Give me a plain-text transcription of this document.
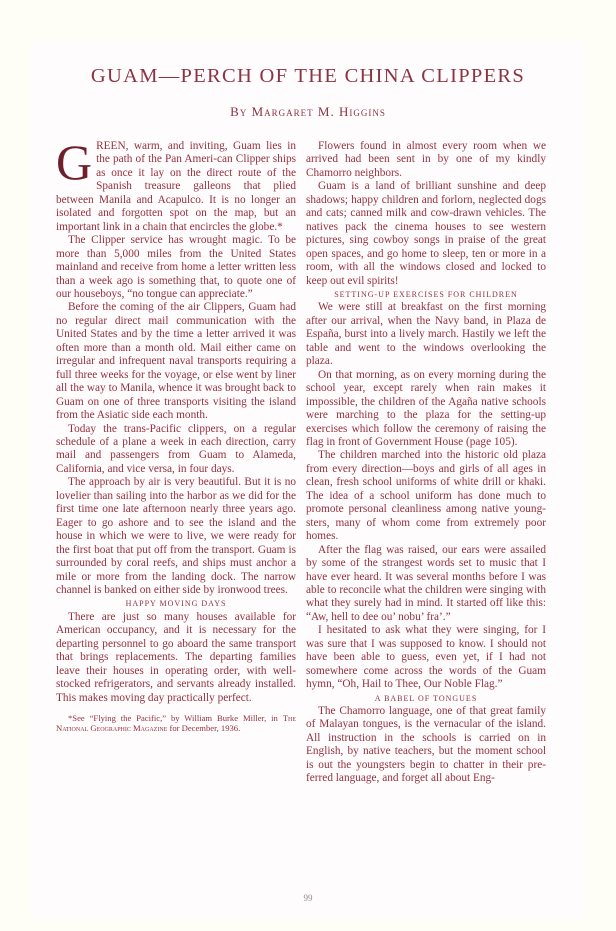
GUAM—PERCH OF THE CHINA CLIPPERS
By Margaret M. Higgins

GREEN, warm, and inviting, Guam lies in the path of the Pan Ameri-can Clipper ships as once it lay on the direct route of the Spanish treasure galleons that plied between Manila and Acapulco. It is no longer an isolated and forgotten spot on the map, but an important link in a chain that encircles the globe.*

The Clipper service has wrought magic. To be more than 5,000 miles from the United States mainland and receive from home a letter written less than a week ago is something that, to quote one of our houseboys, “no tongue can appreciate.”

Before the coming of the air Clippers, Guam had no regular direct mail communication with the United States and by the time a letter arrived it was often more than a month old. Mail either came on irregular and infrequent naval transports requiring a full three weeks for the voyage, or else went by liner all the way to Manila, whence it was brought back to Guam on one of three transports visiting the island from the Asiatic side each month.

Today the trans-Pacific clippers, on a regular schedule of a plane a week in each direction, carry mail and passengers from Guam to Alameda, California, and vice versa, in four days.

The approach by air is very beautiful. But it is no lovelier than sailing into the harbor as we did for the first time one late afternoon nearly three years ago. Eager to go ashore and to see the island and the house in which we were to live, we were ready for the first boat that put off from the transport. Guam is surrounded by coral reefs, and ships must anchor a mile or more from the landing dock. The narrow channel is banked on either side by ironwood trees.

HAPPY MOVING DAYS

There are just so many houses available for American occupancy, and it is necessary for the departing personnel to go aboard the same transport that brings replacements. The departing families leave their houses in operating order, with well-stocked refrigerators, and servants already installed. This makes moving day practically perfect.

*See “Flying the Pacific,” by William Burke Miller, in The National Geographic Magazine for December, 1936.

Flowers found in almost every room when we arrived had been sent in by one of my kindly Chamorro neighbors.

Guam is a land of brilliant sunshine and deep shadows; happy children and forlorn, neglected dogs and cats; canned milk and cow-drawn vehicles. The natives pack the cinema houses to see western pictures, sing cowboy songs in praise of the great open spaces, and go home to sleep, ten or more in a room, with all the windows closed and locked to keep out evil spirits!

SETTING-UP EXERCISES FOR CHILDREN

We were still at breakfast on the first morning after our arrival, when the Navy band, in Plaza de España, burst into a lively march. Hastily we left the table and went to the windows overlooking the plaza.

On that morning, as on every morning during the school year, except rarely when rain makes it impossible, the children of the Agaña native schools were marching to the plaza for the setting-up exercises which follow the ceremony of raising the flag in front of Government House (page 105).

The children marched into the historic old plaza from every direction—boys and girls of all ages in clean, fresh school uniforms of white drill or khaki. The idea of a school uniform has done much to promote personal cleanliness among native youngsters, many of whom come from extremely poor homes.

After the flag was raised, our ears were assailed by some of the strangest words set to music that I have ever heard. It was several months before I was able to reconcile what the children were singing with what they surely had in mind. It started off like this: “Aw, hell to dee ou’ nobu’ fra’.”

I hesitated to ask what they were singing, for I was sure that I was supposed to know. I should not have been able to guess, even yet, if I had not somewhere come across the words of the Guam hymn, “Oh, Hail to Thee, Our Noble Flag.”

A BABEL OF TONGUES

The Chamorro language, one of that great family of Malayan tongues, is the vernacular of the island. All instruction in the schools is carried on in English, by native teachers, but the moment school is out the youngsters begin to chatter in their preferred language, and forget all about Eng-

99
